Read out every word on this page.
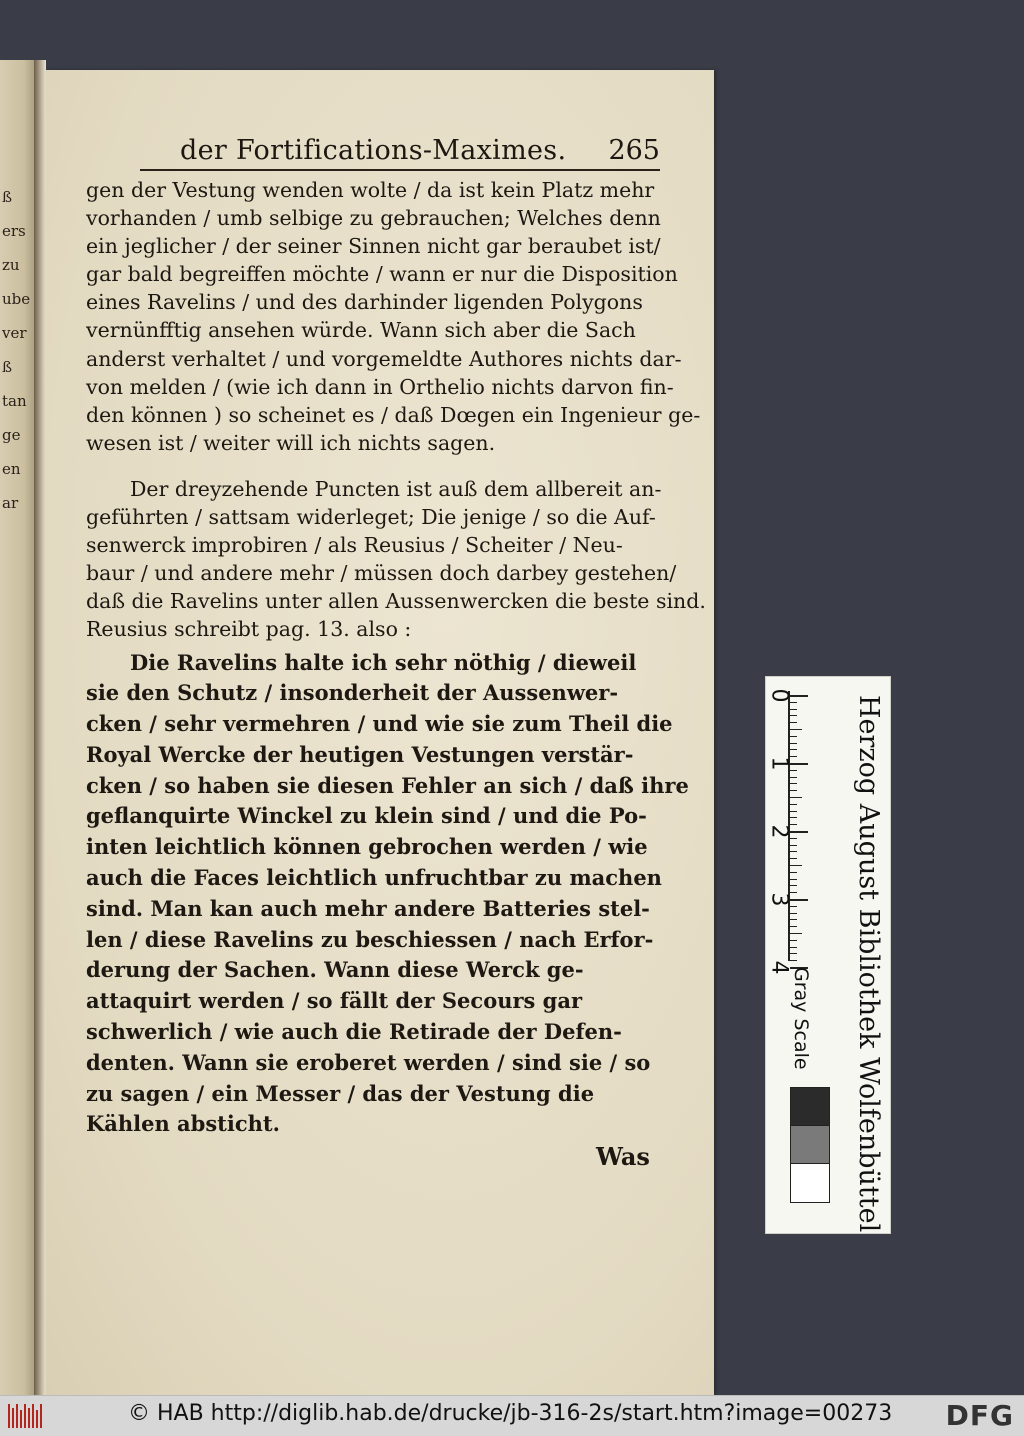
ß
ers
zu
ube
ver
ß
tan
ge
en
ar
der Fortifications-Maximes. 265

gen der Vestung wenden wolte / da ist kein Platz mehr

vorhanden / umb selbige zu gebrauchen; Welches denn

ein jeglicher / der seiner Sinnen nicht gar beraubet ist/

gar bald begreiffen möchte / wann er nur die Disposition

eines Ravelins / und des darhinder ligenden Polygons

vernünfftig ansehen würde. Wann sich aber die Sach

anderst verhaltet / und vorgemeldte Authores nichts dar-

von melden / (wie ich dann in Orthelio nichts darvon fin-

den können ) so scheinet es / daß Dœgen ein Ingenieur ge-

wesen ist / weiter will ich nichts sagen.

Der dreyzehende Puncten ist auß dem allbereit an-

geführten / sattsam widerleget; Die jenige / so die Auf-

senwerck improbiren / als Reusius / Scheiter / Neu-

baur / und andere mehr / müssen doch darbey gestehen/

daß die Ravelins unter allen Aussenwercken die beste sind.

Reusius schreibt pag. 13. also :

Die Ravelins halte ich sehr nöthig / dieweil

sie den Schutz / insonderheit der Aussenwer-

cken / sehr vermehren / und wie sie zum Theil die

Royal Wercke der heutigen Vestungen verstär-

cken / so haben sie diesen Fehler an sich / daß ihre

geflanquirte Winckel zu klein sind / und die Po-

inten leichtlich können gebrochen werden / wie

auch die Faces leichtlich unfruchtbar zu machen

sind. Man kan auch mehr andere Batteries stel-

len / diese Ravelins zu beschiessen / nach Erfor-

derung der Sachen. Wann diese Werck ge-

attaquirt werden / so fällt der Secours gar

schwerlich / wie auch die Retirade der Defen-

denten. Wann sie eroberet werden / sind sie / so

zu sagen / ein Messer / das der Vestung die

Kählen absticht.

Was
0
1
2
3
4	Herzog August Bibliothek Wolfenbüttel
Gray Scale
© HAB http://diglib.hab.de/drucke/jb-316-2s/start.htm?image=00273 DFG
